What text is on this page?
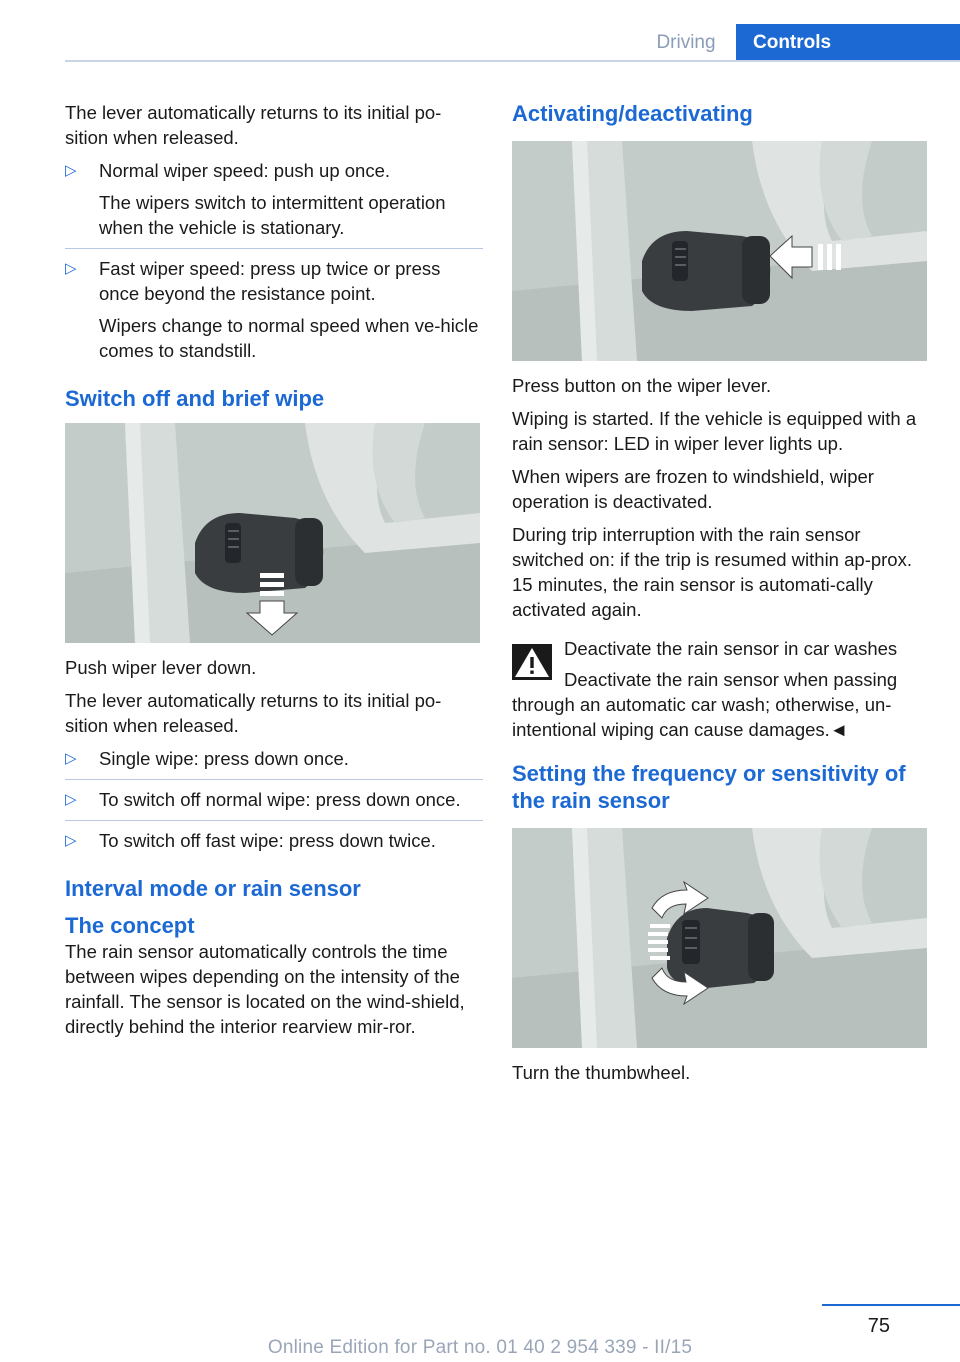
Driving	Controls

The lever automatically returns to its initial po-sition when released.

▷ Normal wiper speed: push up once.
The wipers switch to intermittent operation when the vehicle is stationary.
▷ Fast wiper speed: press up twice or press once beyond the resistance point.
Wipers change to normal speed when ve-hicle comes to standstill.
Switch off and brief wipe

Push wiper lever down.

The lever automatically returns to its initial po-sition when released.

▷ Single wipe: press down once.
▷ To switch off normal wipe: press down once.
▷ To switch off fast wipe: press down twice.
Interval mode or rain sensor
The concept

The rain sensor automatically controls the time between wipes depending on the intensity of the rainfall. The sensor is located on the wind-shield, directly behind the interior rearview mir-ror.

Activating/deactivating

Press button on the wiper lever.

Wiping is started. If the vehicle is equipped with a rain sensor: LED in wiper lever lights up.

When wipers are frozen to windshield, wiper operation is deactivated.

During trip interruption with the rain sensor switched on: if the trip is resumed within ap-prox. 15 minutes, the rain sensor is automati-cally activated again.

Deactivate the rain sensor in car washes

Deactivate the rain sensor when passing through an automatic car wash; otherwise, un-intentional wiping can cause damages.◄

Setting the frequency or sensitivity of the rain sensor

Turn the thumbwheel.

75
Online Edition for Part no. 01 40 2 954 339 - II/15
